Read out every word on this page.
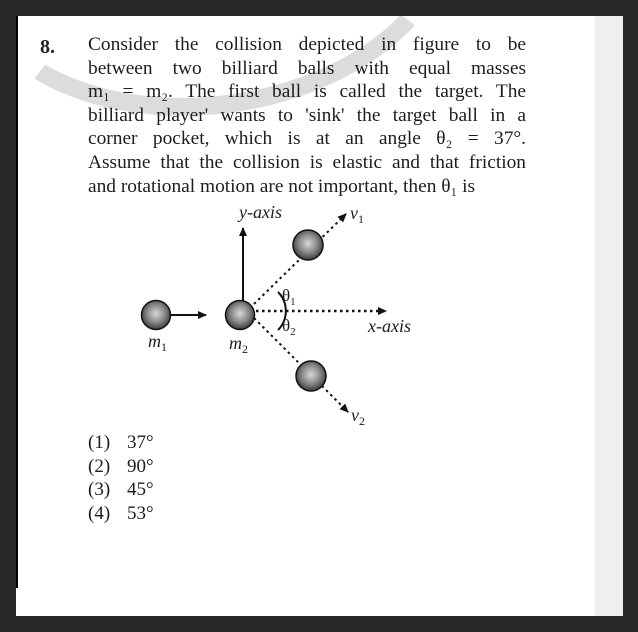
8. Consider the collision depicted in figure to be
between two billiard balls with equal masses
m₁ = m₂. The first ball is called the target. The
billiard player' wants to 'sink' the target ball in a
corner pocket, which is at an angle θ₂ = 37°.
Assume that the collision is elastic and that friction
and rotational motion are not important, then θ₁ is
y-axis
x-axis
$v_1$
$v_2$
$\theta_1$
$\theta_2$
$m_1$	$m_2$
(1) 37°
(2) 90°
(3) 45°
(4) 53°
